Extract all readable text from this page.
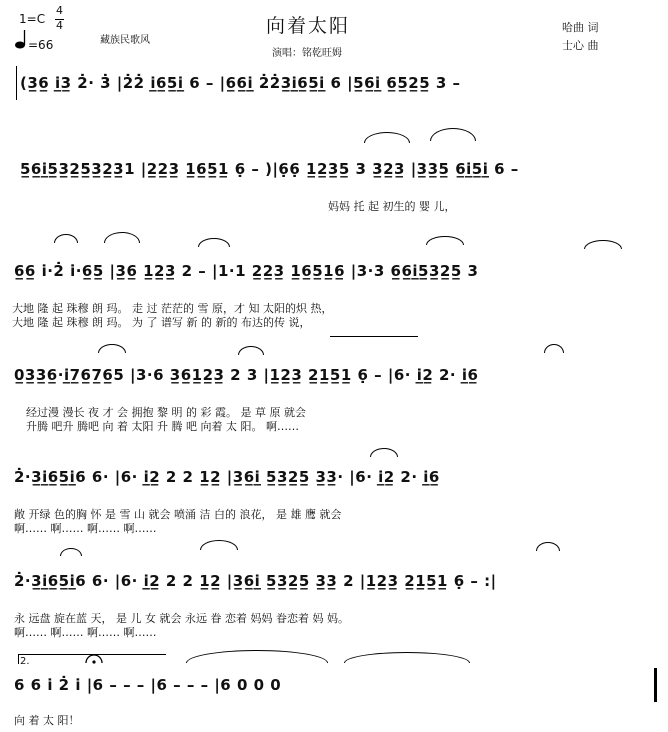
1=C
4
4
=66	藏族民歌风
向着太阳
演唱：铭乾旺姆
哈曲 词
士心 曲
(3̲6̲ i̲3̲ 2̇· 3̇ |2̇2̇ i̲6̲5̲i̲ 6 – |6̲6̲i̲ 2̇2̇3̲i̲6̲5̲i̲ 6 |5̲6̲i̲ 6̲5̲2̲5̲ 3 –
5̲6̲i̲5̲3̲2̲5̲3̲2̲3̲1 |2̲2̲3̲ 1̲6̲5̲1̲ 6̣ – )|6̣6̣ 1̲2̲3̲5̲ 3 3̲2̲3̲ |3̲3̲5̲ 6̲i̲5̲i̲ 6 –
妈妈 托 起 初生的 婴 儿，
6̲6̲ i̇·2̇ i̇·6̲5̲ |3̲6̲ 1̲2̲3̲ 2 – |1·1 2̲2̲3̲ 1̲6̲5̲1̲6̲ |3·3 6̲6̲i̲5̲3̲2̲5̲ 3
大地 隆 起 珠穆 朗 玛。 走 过 茫茫的 雪 原，才 知 太阳的炽 热，
大地 隆 起 珠穆 朗 玛。 为 了 谱写 新 的 新的 布达的传 说，
0̲3̲3̲6̲·i̲7̲6̲7̲6̲5 |3·6 3̲6̲1̲2̲3̲ 2 3 |1̲2̲3̲ 2̲1̲5̲1̲ 6̣ – |6· i̲2̲ 2· i̲6̲
经过漫 漫长 夜 才 会 拥抱 黎 明 的 彩 霞。 是 草 原 就会
升腾 吧升 腾吧 向 着 太阳 升 腾 吧 向着 太 阳。 啊……
2̇·3̲i̲6̲5̲i̲6 6· |6· i̲2̲ 2 2 1̲2̲ |3̲6̲i̲ 5̲3̲2̲5̲ 3̲3̲· |6· i̲2̲ 2· i̲6̲
敞 开绿 色的胸 怀 是 雪 山 就会 喷涌 洁 白的 浪花， 是 雄 鹰 就会
啊…… 啊…… 啊…… 啊……
2̇·3̲i̲6̲5̲i̲6 6· |6· i̲2̲ 2 2 1̲2̲ |3̲6̲i̲ 5̲3̲2̲5̲ 3̲3̲ 2 |1̲2̲3̲ 2̲1̲5̲1̲ 6̣ – :|
永 远盘 旋在蓝 天， 是 儿 女 就会 永远 眷 恋着 妈妈 眷恋着 妈 妈。
啊…… 啊…… 啊…… 啊……
2.
6 6 i̇ 2̇ i̇ |6 – – – |6 – – – |6 0 0 0
向 着 太 阳！
